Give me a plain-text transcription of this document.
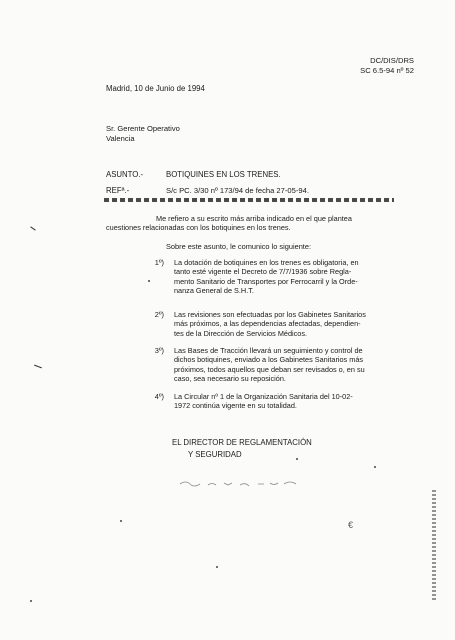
DC/DIS/DRS
SC 6.5-94 nº 52
Madrid, 10 de Junio de 1994
Sr. Gerente Operativo
Valencia
ASUNTO.-	BOTIQUINES EN LOS TRENES.
REFª.-	S/c PC. 3/30 nº 173/94 de fecha 27-05-94.
Me refiero a su escrito más arriba indicado en el que plantea
cuestiones relacionadas con los botiquines en los trenes.
Sobre este asunto, le comunico lo siguiente:
1º) La dotación de botiquines en los trenes es obligatoria, en
tanto esté vigente el Decreto de 7/7/1936 sobre Regla-
mento Sanitario de Transportes por Ferrocarril y la Orde-
nanza General de S.H.T.
2º) Las revisiones son efectuadas por los Gabinetes Sanitarios
más próximos, a las dependencias afectadas, dependien-
tes de la Dirección de Servicios Médicos.
3º) Las Bases de Tracción llevará un seguimiento y control de
dichos botiquines, enviado a los Gabinetes Sanitarios más
próximos, todos aquellos que deban ser revisados o, en su
caso, sea necesario su reposición.
4º) La Circular nº 1 de la Organización Sanitaria del 10-02-
1972 continúa vigente en su totalidad.
EL DIRECTOR DE REGLAMENTACIÓN
Y SEGURIDAD
€
